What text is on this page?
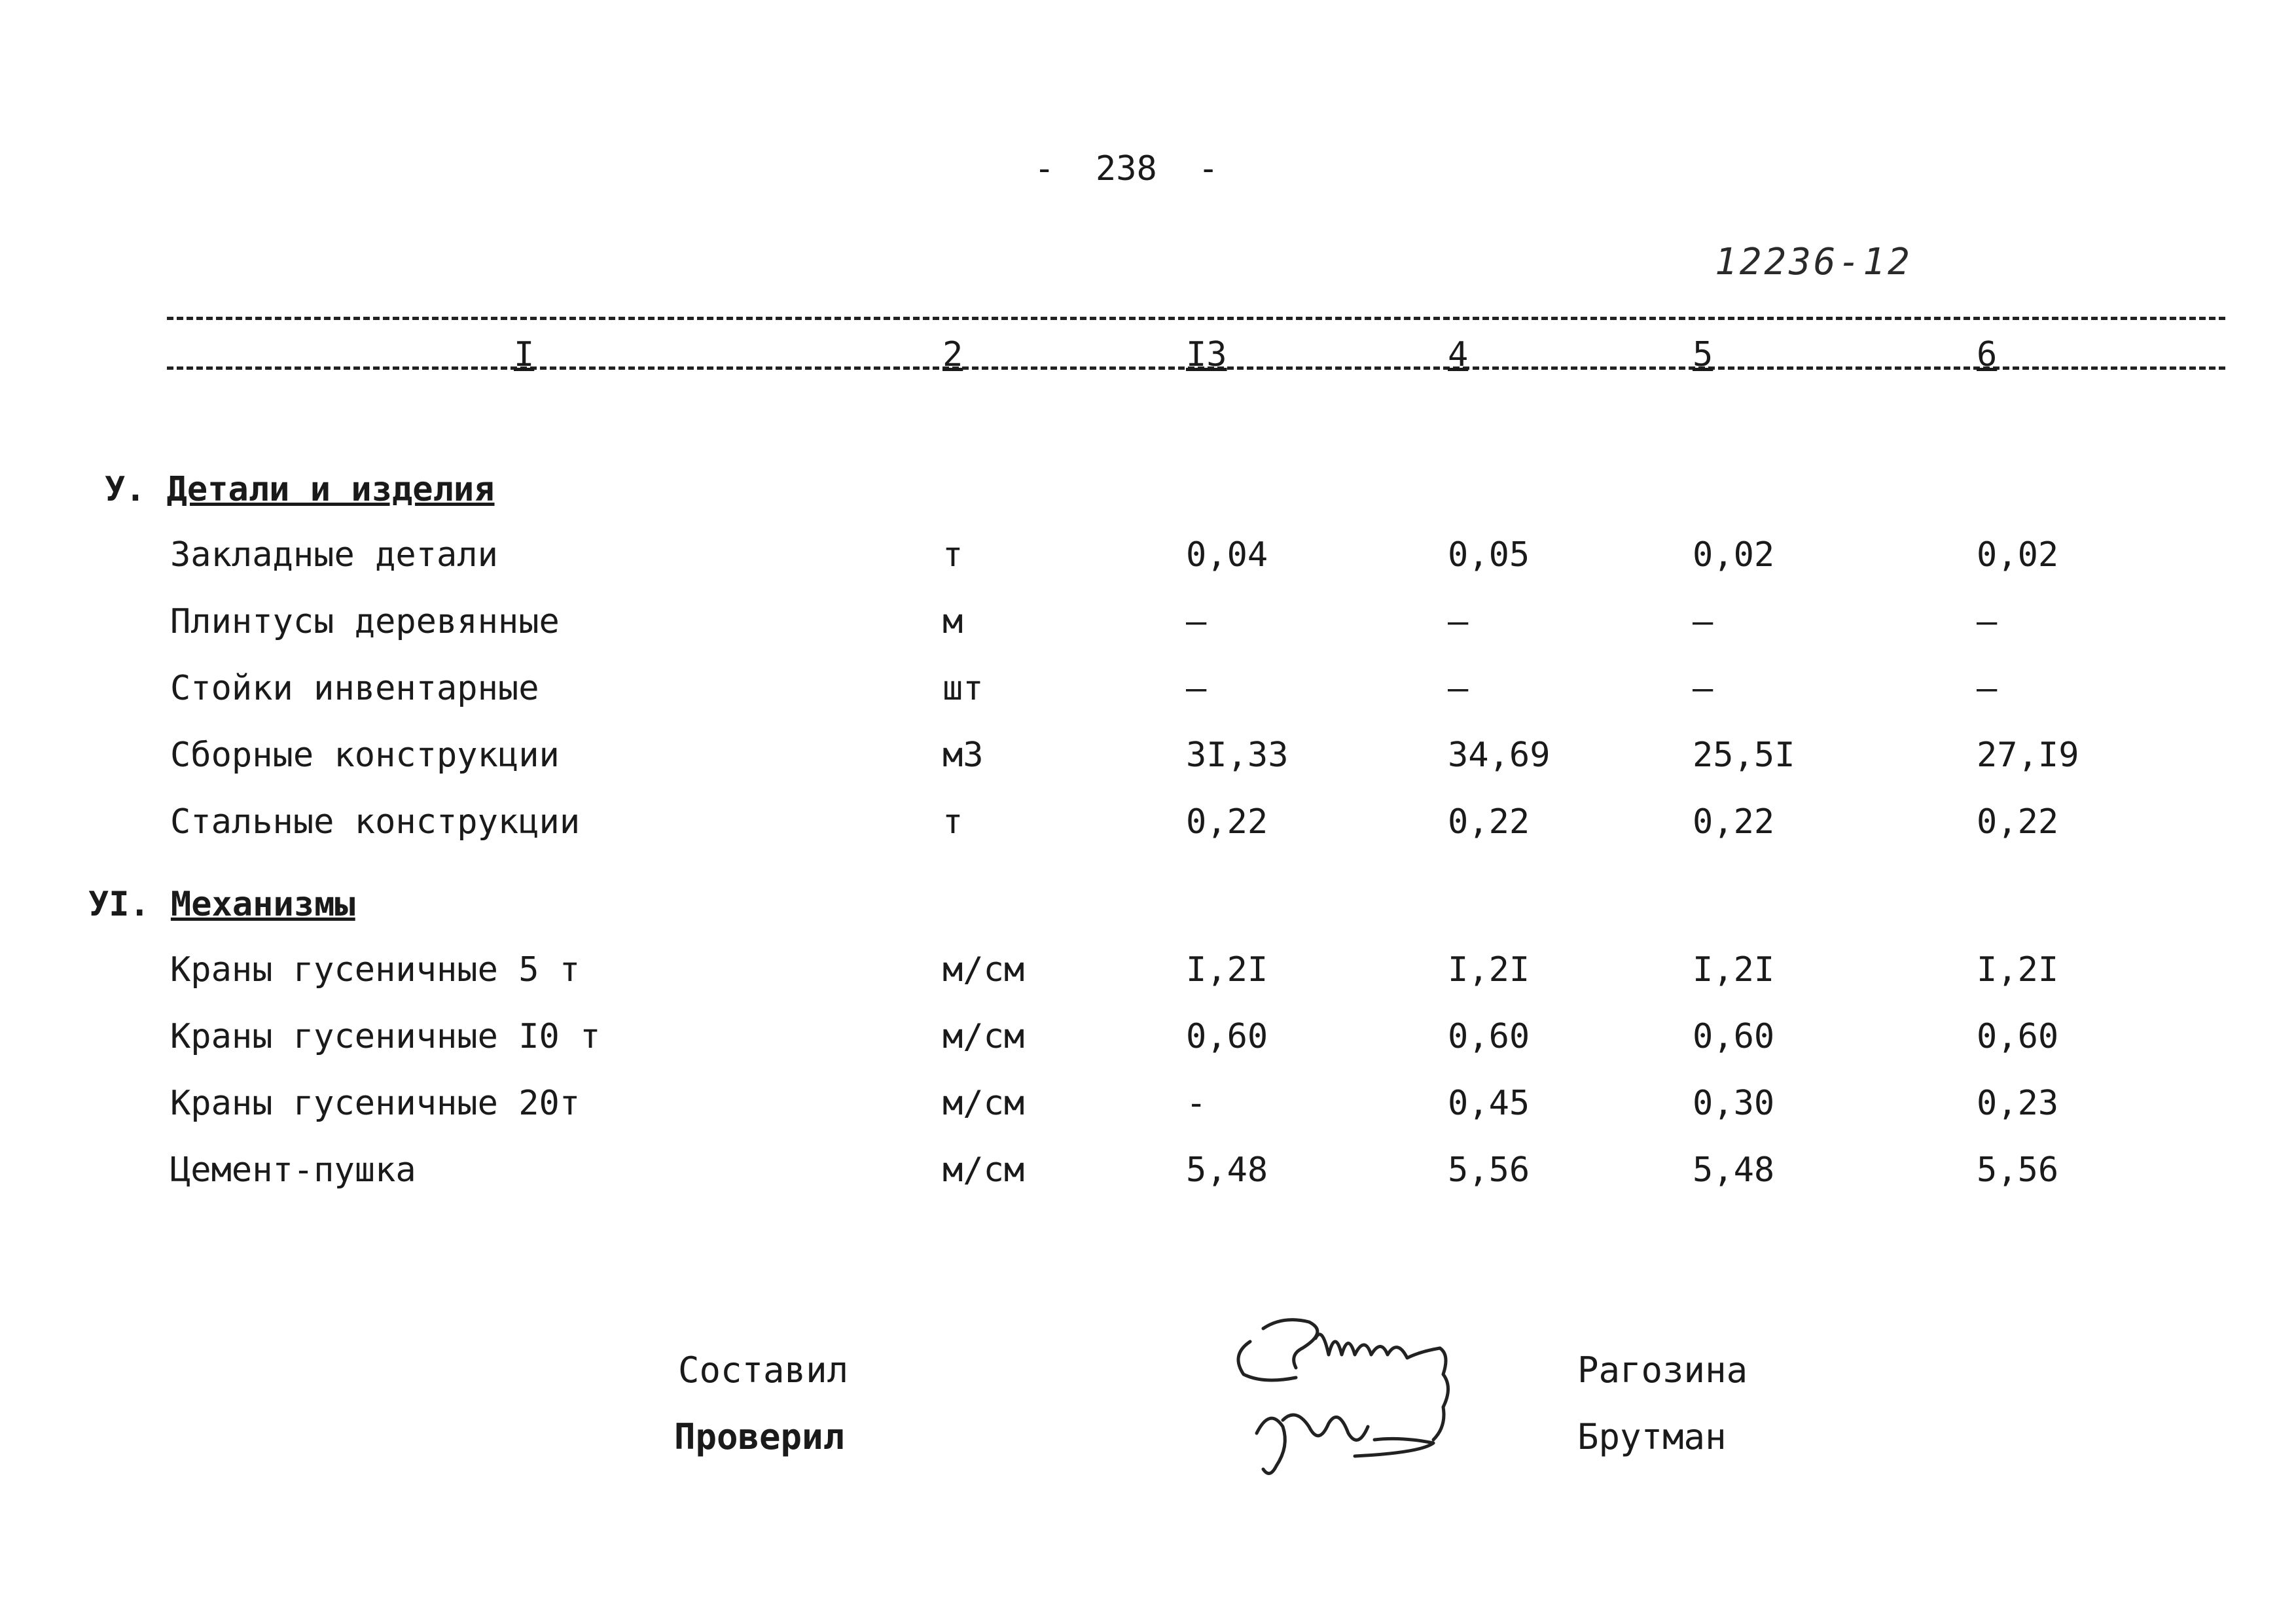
-  238  -
12236-12
I	2	I3	4	5	6
У. Детали и изделия
Закладные детали	т	0,04	0,05	0,02	0,02
Плинтусы деревянные	м	–	–	–	–
Стойки инвентарные	шт	–	–	–	–
Сборные конструкции	м3	3I,33	34,69	25,5I	27,I9
Стальные конструкции	т	0,22	0,22	0,22	0,22
УI. Механизмы
Краны гусеничные 5 т	м/см	I,2I	I,2I	I,2I	I,2I
Краны гусеничные I0 т	м/см	0,60	0,60	0,60	0,60
Краны гусеничные 20т	м/см	-	0,45	0,30	0,23
Цемент-пушка	м/см	5,48	5,56	5,48	5,56
Составил
Проверил
Рагозина
Брутман
